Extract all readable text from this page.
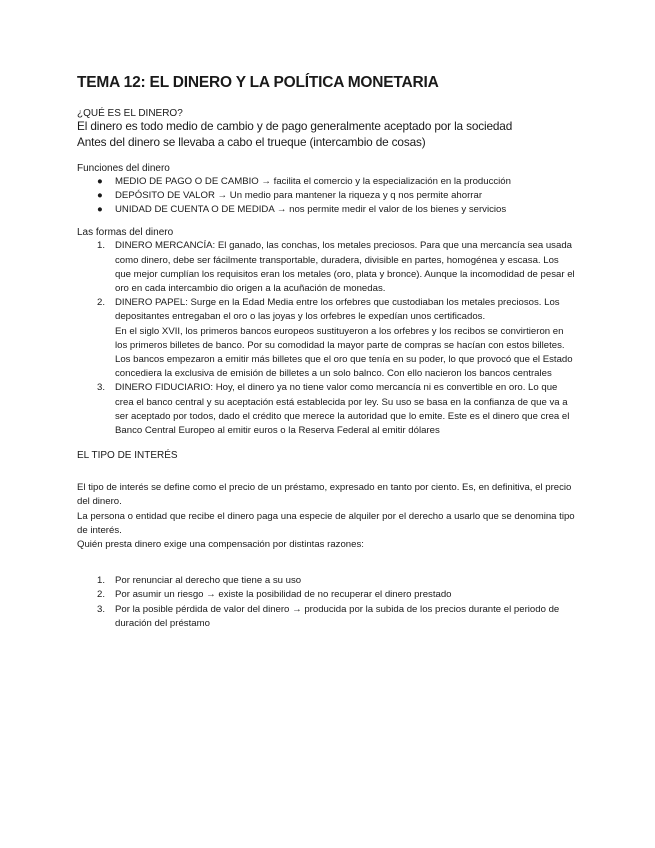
TEMA 12: EL DINERO Y LA POLÍTICA MONETARIA
¿QUÉ ES EL DINERO?
El dinero es todo medio de cambio y de pago generalmente aceptado por la sociedad
Antes del dinero se llevaba a cabo el trueque (intercambio de cosas)
Funciones del dinero
● MEDIO DE PAGO O DE CAMBIO → facilita el comercio y la especialización en la producción
● DEPÓSITO DE VALOR → Un medio para mantener la riqueza y q nos permite ahorrar
● UNIDAD DE CUENTA O DE MEDIDA → nos permite medir el valor de los bienes y servicios
Las formas del dinero
1. DINERO MERCANCÍA: El ganado, las conchas, los metales preciosos. Para que una mercancía sea usada como dinero, debe ser fácilmente transportable, duradera, divisible en partes, homogénea y escasa. Los que mejor cumplían los requisitos eran los metales (oro, plata y bronce). Aunque la incomodidad de pesar el oro en cada intercambio dio origen a la acuñación de monedas.

2. DINERO PAPEL: Surge en la Edad Media entre los orfebres que custodiaban los metales preciosos. Los depositantes entregaban el oro o las joyas y los orfebres le expedían unos certificados.

En el siglo XVII, los primeros bancos europeos sustituyeron a los orfebres y los recibos se convirtieron en los primeros billetes de banco. Por su comodidad la mayor parte de compras se hacían con estos billetes. Los bancos empezaron a emitir más billetes que el oro que tenía en su poder, lo que provocó que el Estado concediera la exclusiva de emisión de billetes a un solo balnco. Con ello nacieron los bancos centrales

3. DINERO FIDUCIARIO: Hoy, el dinero ya no tiene valor como mercancía ni es convertible en oro. Lo que crea el banco central y su aceptación está establecida por ley. Su uso se basa en la confianza de que va a ser aceptado por todos, dado el crédito que merece la autoridad que lo emite. Este es el dinero que crea el Banco Central Europeo al emitir euros o la Reserva Federal al emitir dólares

EL TIPO DE INTERÉS

El tipo de interés se define como el precio de un préstamo, expresado en tanto por ciento. Es, en definitiva, el precio del dinero.

La persona o entidad que recibe el dinero paga una especie de alquiler por el derecho a usarlo que se denomina tipo de interés.

Quién presta dinero exige una compensación por distintas razones:

1. Por renunciar al derecho que tiene a su uso

2. Por asumir un riesgo → existe la posibilidad de no recuperar el dinero prestado

3. Por la posible pérdida de valor del dinero → producida por la subida de los precios durante el periodo de duración del préstamo
